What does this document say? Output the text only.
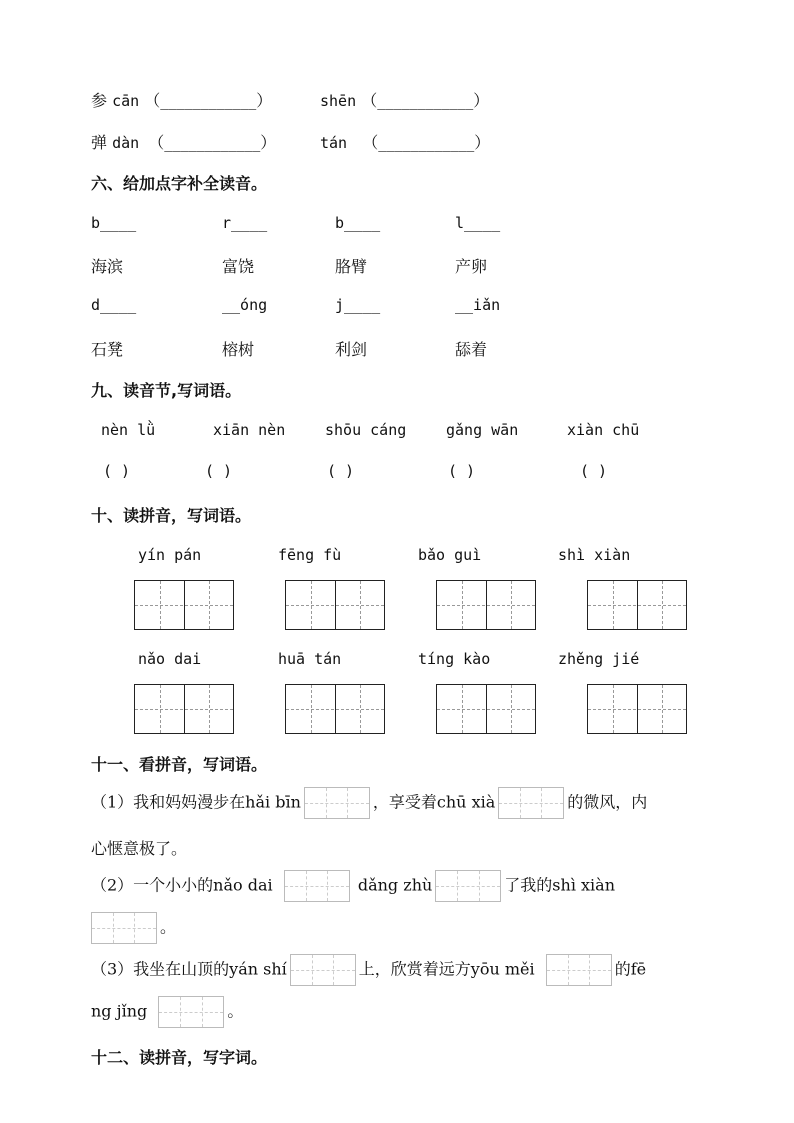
参 cān （____________）	shēn （____________）
弹 dàn （____________）	tán （____________）
六、给加点字补全读音。
b____	r____	b____	l____
海滨	富饶	胳臂	产卵
d____	__óng	j____	__iǎn
石凳	榕树	利剑	舔着
九、读音节,写词语。
nèn lǜ	xiān nèn	shōu cáng	gǎng wān	xiàn chū
( )	( )	( )	( )	( )
十、读拼音，写词语。
yín pán	fēng fù	bǎo guì	shì xiàn
nǎo dai	huā tán	tíng kào	zhěng jié
十一、看拼音，写词语。
（1）我和妈妈漫步在hǎi bīn	，享受着chū xià	的微风，内
心惬意极了。
（2）一个小小的nǎo dai	dǎng zhù	了我的shì xiàn
。
（3）我坐在山顶的yán shí	上，欣赏着远方yōu měi	的fē
ng jǐng	。
十二、读拼音，写字词。
